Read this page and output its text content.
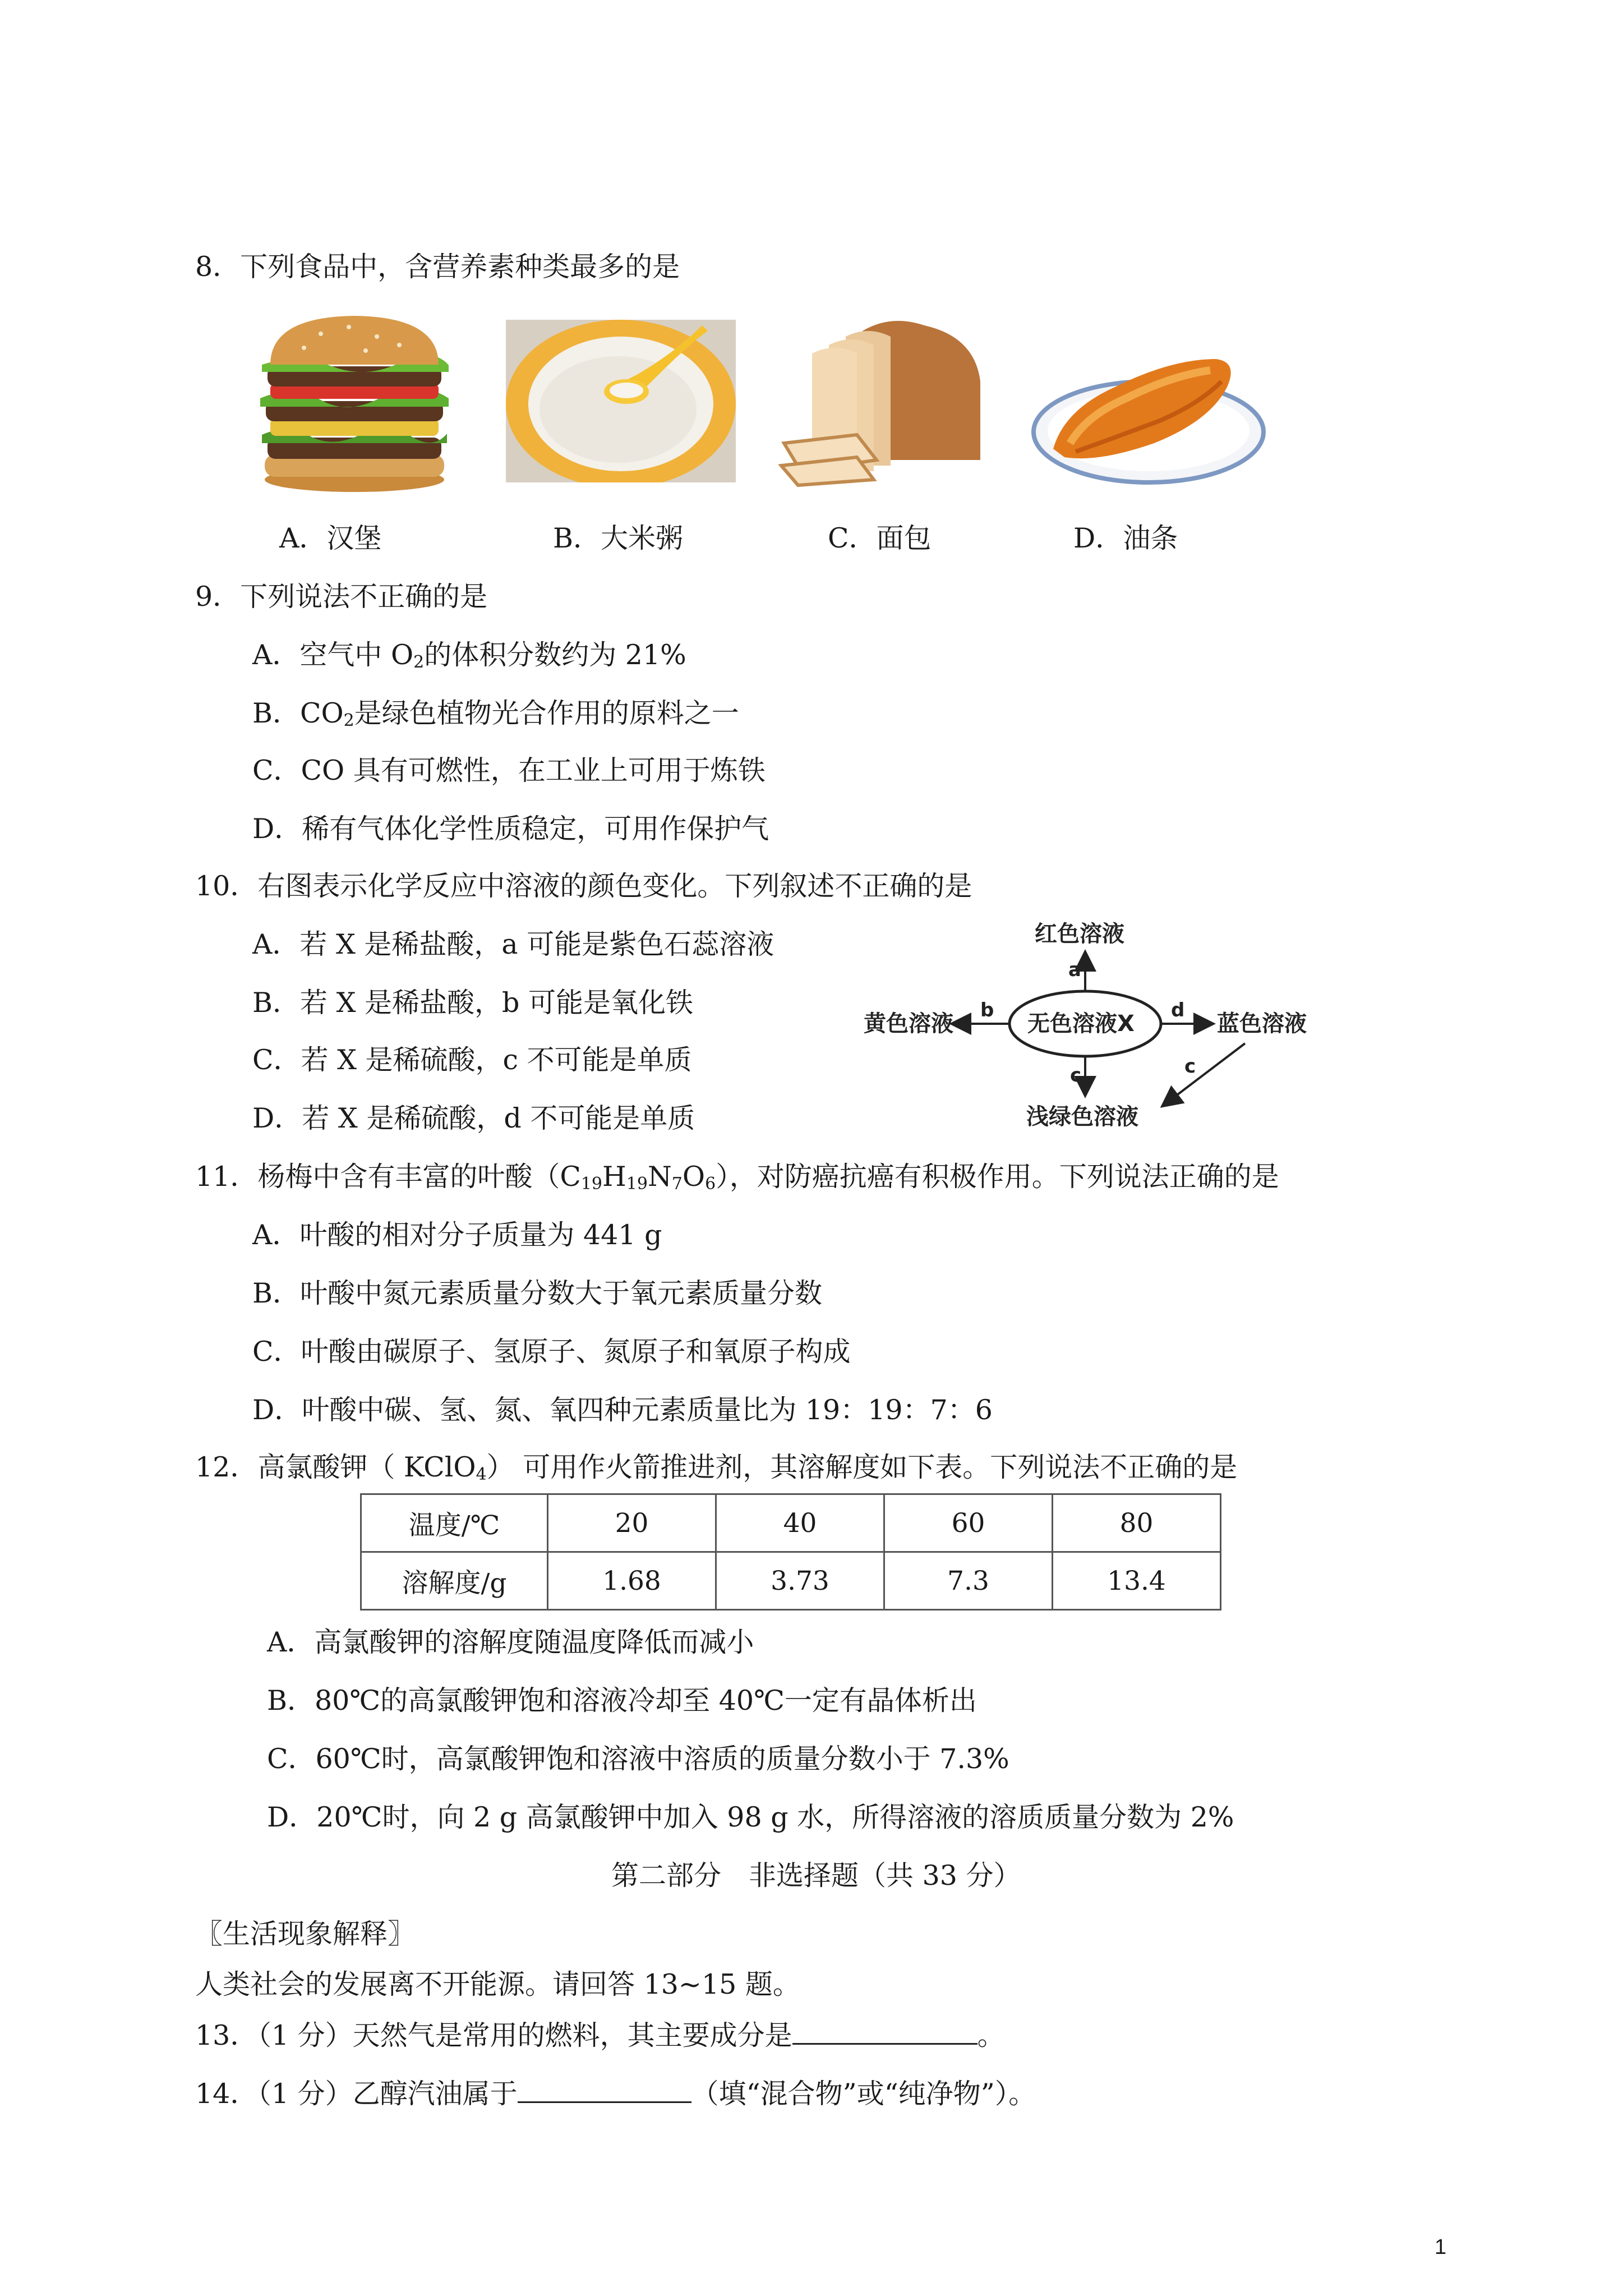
8．下列食品中，含营养素种类最多的是
A．汉堡	B．大米粥	C．面包	D．油条
9．下列说法不正确的是
A．空气中 $O_2$的体积分数约为 21%
B．$CO_2$是绿色植物光合作用的原料之一
C．CO 具有可燃性，在工业上可用于炼铁
D．稀有气体化学性质稳定，可用作保护气
10．右图表示化学反应中溶液的颜色变化。下列叙述不正确的是
A．若 X 是稀盐酸，a 可能是紫色石蕊溶液
B．若 X 是稀盐酸，b 可能是氧化铁
C．若 X 是稀硫酸，c 不可能是单质
D．若 X 是稀硫酸，d 不可能是单质
红色溶液
a
无色溶液X
b
黄色溶液
d
蓝色溶液
c	c
浅绿色溶液
11．杨梅中含有丰富的叶酸$(C_{19}H_{19}N_7O_6)$，对防癌抗癌有积极作用。下列说法正确的是
A．叶酸的相对分子质量为 441 g
B．叶酸中氮元素质量分数大于氧元素质量分数
C．叶酸由碳原子、氢原子、氮原子和氧原子构成
D．叶酸中碳、氢、氮、氧四种元素质量比为 19：19：7：6
12．高氯酸钾（ KClO$_4$） 可用作火箭推进剂，其溶解度如下表。下列说法不正确的是
温度/℃	20	40	60	80
溶解度/g	1.68	3.73	7.3	13.4
A．高氯酸钾的溶解度随温度降低而减小
B．80℃的高氯酸钾饱和溶液冷却至 40℃一定有晶体析出
C．60℃时，高氯酸钾饱和溶液中溶质的质量分数小于 7.3%
D．20℃时，向 2 g 高氯酸钾中加入 98 g 水，所得溶液的溶质质量分数为 2%
第二部分　非选择题（共 33 分）
〖生活现象解释〗
人类社会的发展离不开能源。请回答 13~15 题。
13．（1 分）天然气是常用的燃料，其主要成分是	。
14．（1 分）乙醇汽油属于	（填“混合物”或“纯净物”）。
1
